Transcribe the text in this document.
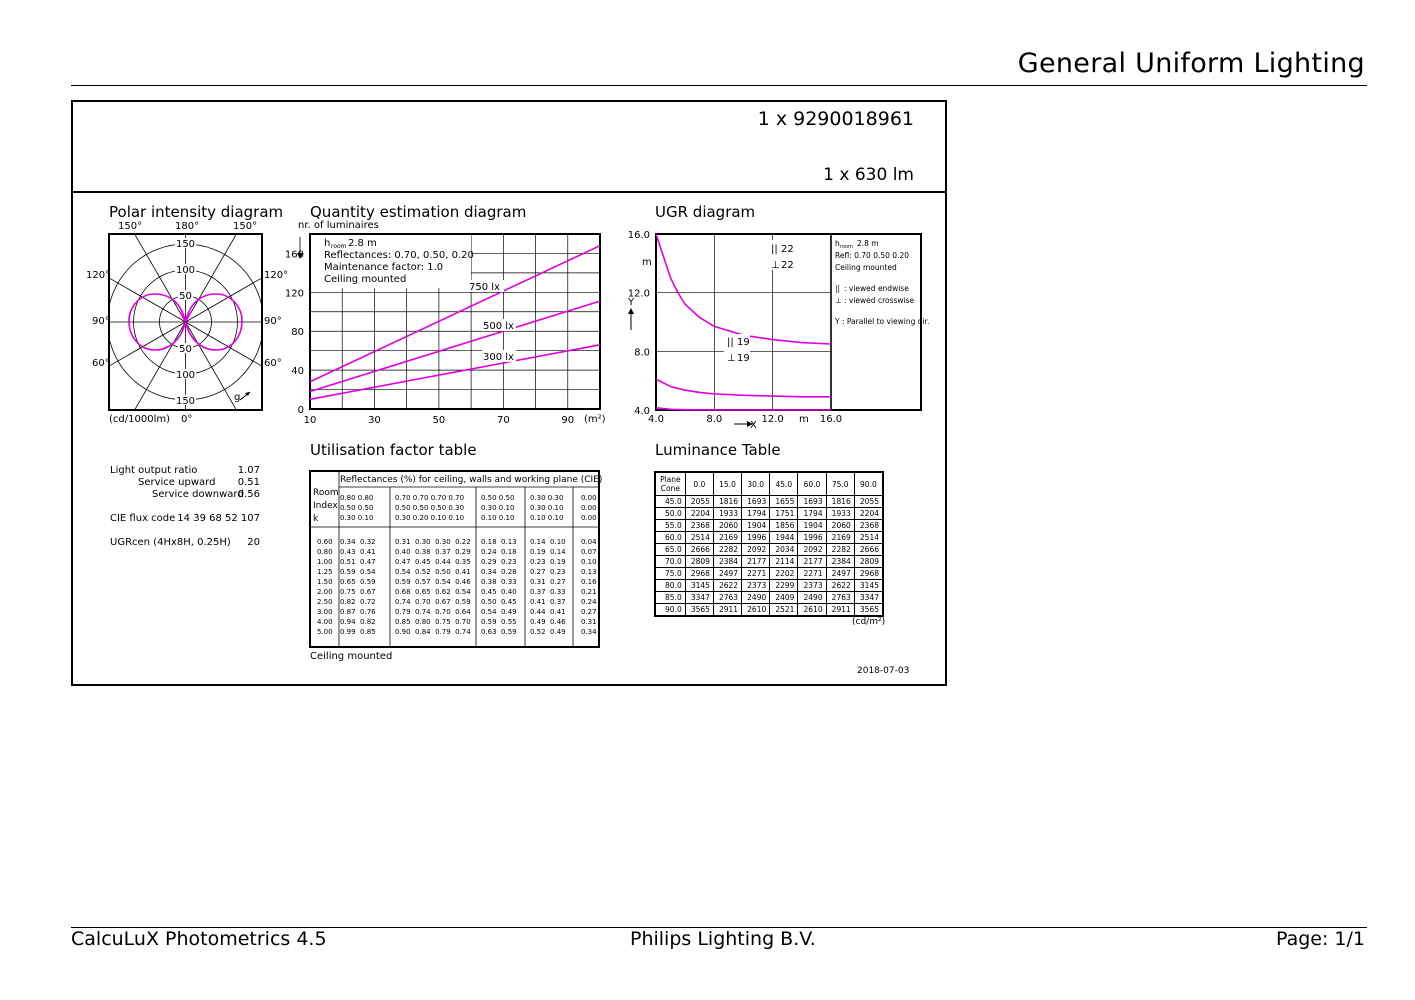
General Uniform Lighting
1 x 9290018961
1 x 630 lm
Polar intensity diagram
150°	180°	150°
120°
90°
60°
120°
90°
60°
150
100
50
50
100
150	g
(cd/1000lm) 0°
Quantity estimation diagram
nr. of luminaires
750 lx
500 lx
300 lx
10	30	50	70	90
0
40
80
120
160
h room 2.8 m
Reflectances: 0.70, 0.50, 0.20
Maintenance factor: 1.0
Ceiling mounted
(m²)
UGR diagram
4.0	8.0	12.0	16.0
4.0
8.0
12.0
16.0
m
Y
X
m
|| 22
⊥ 22
|| 19
⊥ 19
h room 2.8 m
Refl: 0.70 0.50 0.20
Ceiling mounted
|| : viewed endwise
⊥ : viewed crosswise
Y : Parallel to viewing dir.
Light output ratio	1.07
Service upward 0.51
Service downward
0.56
CIE flux code 14 39 68 52 107
UGRcen (4Hx8H, 0.25H) 20
Utilisation factor table
Reflectances (%) for ceiling, walls and working plane (CIE)
Room
Index
k
0.80 0.80	0.70 0.70 0.70 0.70 0.50 0.50 0.30 0.30	0.00
0.50 0.50	0.50 0.50 0.50 0.30 0.30 0.10 0.30 0.10	0.00
0.30 0.10	0.30 0.20 0.10 0.10 0.10 0.10 0.10 0.10	0.00
0.60 0.34  0.32	0.31  0.30  0.30  0.22 0.18  0.13 0.14  0.10 0.04
0.80 0.43  0.41	0.40  0.38  0.37  0.29 0.24  0.18 0.19  0.14 0.07
1.00 0.51  0.47	0.47  0.45  0.44  0.35 0.29  0.23 0.23  0.19 0.10
1.25 0.59  0.54	0.54  0.52  0.50  0.41 0.34  0.28 0.27  0.23 0.13
1.50 0.65  0.59	0.59  0.57  0.54  0.46 0.38  0.33 0.31  0.27 0.16
2.00 0.75  0.67	0.68  0.65  0.62  0.54 0.45  0.40 0.37  0.33 0.21
2.50 0.82  0.72	0.74  0.70  0.67  0.59 0.50  0.45 0.41  0.37 0.24
3.00 0.87  0.76	0.79  0.74  0.70  0.64 0.54  0.49 0.44  0.41 0.27
4.00 0.94  0.82	0.85  0.80  0.75  0.70 0.59  0.55 0.49  0.46 0.31
5.00 0.99  0.85	0.90  0.84  0.79  0.74 0.63  0.59 0.52  0.49 0.34
Ceiling mounted
Luminance Table
Plane
Cone	0.0	15.0	30.0	45.0	60.0	75.0	90.0
45.0	2055	1816	1693	1655	1693	1816	2055
50.0	2204	1933	1794	1751	1794	1933	2204
55.0	2368	2060	1904	1856	1904	2060	2368
60.0	2514	2169	1996	1944	1996	2169	2514
65.0	2666	2282	2092	2034	2092	2282	2666
70.0	2809	2384	2177	2114	2177	2384	2809
75.0	2968	2497	2271	2202	2271	2497	2968
80.0	3145	2622	2373	2299	2373	2622	3145
85.0	3347	2763	2490	2409	2490	2763	3347
90.0	3565	2911	2610	2521	2610	2911	3565
(cd/m²)
2018-07-03
CalcuLuX Photometrics 4.5	Philips Lighting B.V.	Page: 1/1
